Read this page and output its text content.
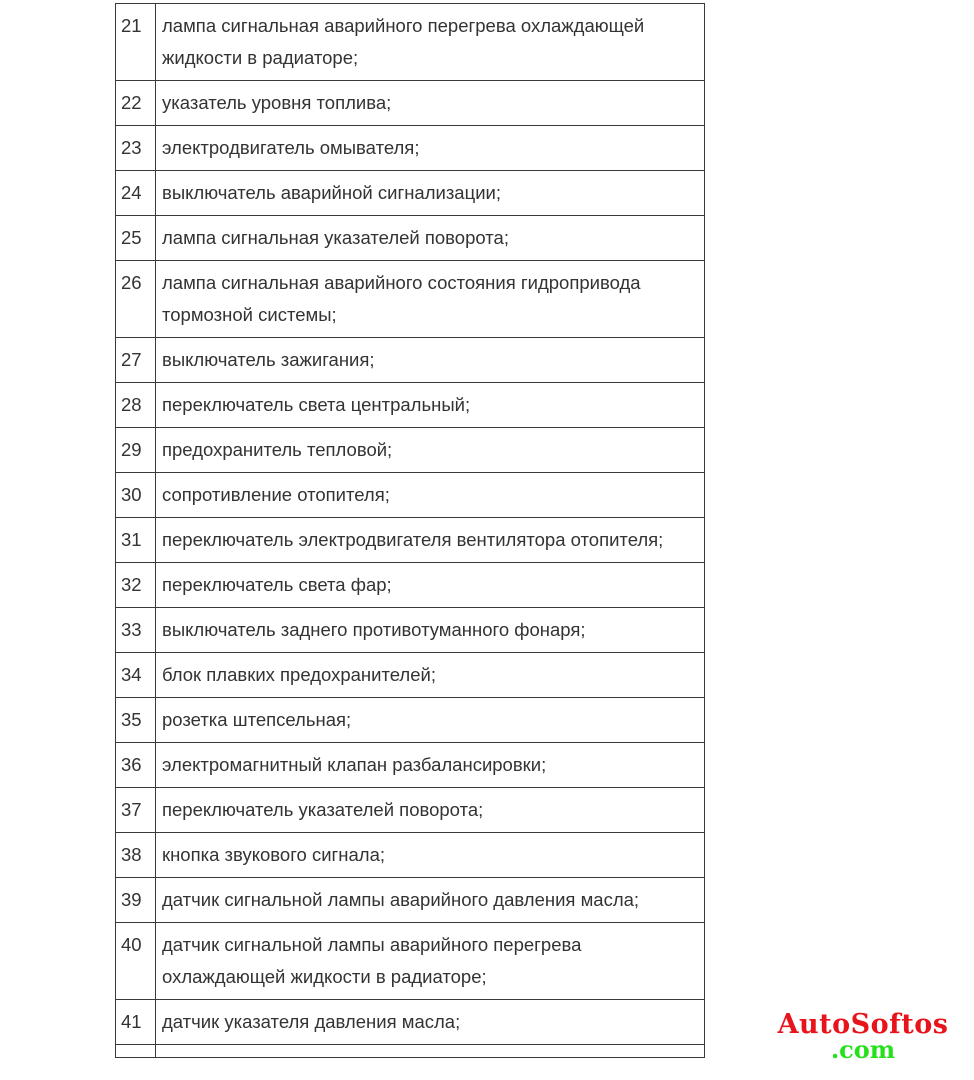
21	лампа сигнальная аварийного перегрева охлаждающей жидкости в радиаторе;
22	указатель уровня топлива;
23	электродвигатель омывателя;
24	выключатель аварийной сигнализации;
25	лампа сигнальная указателей поворота;
26	лампа сигнальная аварийного состояния гидропривода тормозной системы;
27	выключатель зажигания;
28	переключатель света центральный;
29	предохранитель тепловой;
30	сопротивление отопителя;
31	переключатель электродвигателя вентилятора отопителя;
32	переключатель света фар;
33	выключатель заднего противотуманного фонаря;
34	блок плавких предохранителей;
35	розетка штепсельная;
36	электромагнитный клапан разбалансировки;
37	переключатель указателей поворота;
38	кнопка звукового сигнала;
39	датчик сигнальной лампы аварийного давления масла;
40	датчик сигнальной лампы аварийного перегрева охлаждающей жидкости в радиаторе;
41	датчик указателя давления масла;
		AutoSoftos
.com
